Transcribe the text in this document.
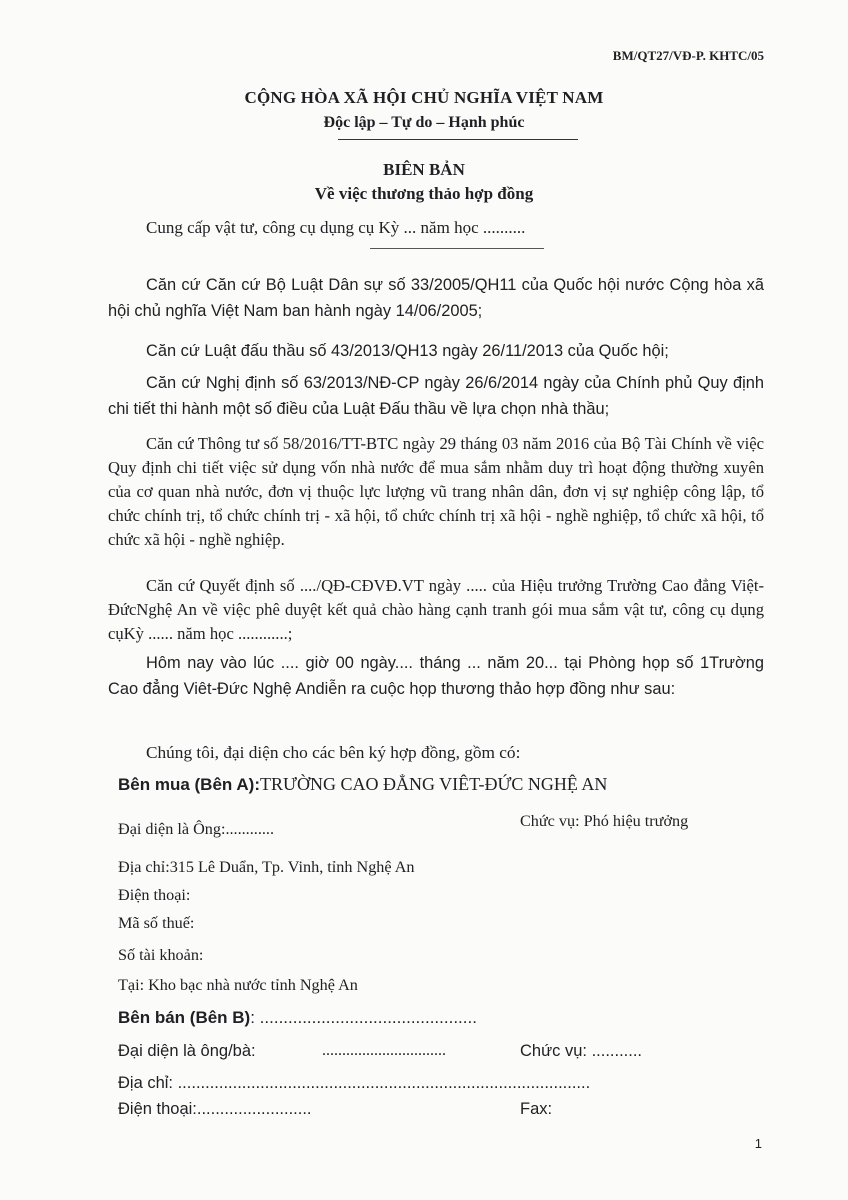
BM/QT27/VĐ-P. KHTC/05
CỘNG HÒA XÃ HỘI CHỦ NGHĨA VIỆT NAM
Độc lập – Tự do – Hạnh phúc
BIÊN BẢN
Về việc thương thảo hợp đồng
Cung cấp vật tư, công cụ dụng cụ Kỳ ... năm học ..........
Căn cứ Căn cứ Bộ Luật Dân sự số 33/2005/QH11 của Quốc hội nước Cộng hòa xã hội chủ nghĩa Việt Nam ban hành ngày 14/06/2005;
Căn cứ Luật đấu thầu số 43/2013/QH13 ngày 26/11/2013 của Quốc hội;
Căn cứ Nghị định số 63/2013/NĐ-CP ngày 26/6/2014 ngày của Chính phủ Quy định chi tiết thi hành một số điều của Luật Đấu thầu về lựa chọn nhà thầu;
Căn cứ Thông tư số 58/2016/TT-BTC ngày 29 tháng 03 năm 2016 của Bộ Tài Chính về việc Quy định chi tiết việc sử dụng vốn nhà nước để mua sắm nhằm duy trì hoạt động thường xuyên của cơ quan nhà nước, đơn vị thuộc lực lượng vũ trang nhân dân, đơn vị sự nghiệp công lập, tổ chức chính trị, tổ chức chính trị - xã hội, tổ chức chính trị xã hội - nghề nghiệp, tổ chức xã hội, tổ chức xã hội - nghề nghiệp.
Căn cứ Quyết định số ..../QĐ-CĐVĐ.VT ngày ..... của Hiệu trưởng Trường Cao đẳng Việt-ĐứcNghệ An về việc phê duyệt kết quả chào hàng cạnh tranh gói mua sắm vật tư, công cụ dụng cụKỳ ...... năm học ............;
Hôm nay vào lúc .... giờ 00 ngày.... tháng ... năm 20... tại Phòng họp số 1Trường Cao đẳng Viêt-Đức Nghệ Andiễn ra cuộc họp thương thảo hợp đồng như sau:
Chúng tôi, đại diện cho các bên ký hợp đồng, gồm có:
Bên mua (Bên A):TRƯỜNG CAO ĐẲNG VIÊT-ĐỨC NGHỆ AN
Đại diện là Ông:............	Chức vụ: Phó hiệu trưởng
Địa chỉ:315 Lê Duẩn, Tp. Vinh, tỉnh Nghệ An
Điện thoại:
Mã số thuế:
Số tài khoản:
Tại: Kho bạc nhà nước tỉnh Nghệ An
Bên bán (Bên B): ..............................................
Đại diện là ông/bà:	...............................	Chức vụ: ...........
Địa chỉ: ..........................................................................................
Điện thoại:.........................	Fax:
1
